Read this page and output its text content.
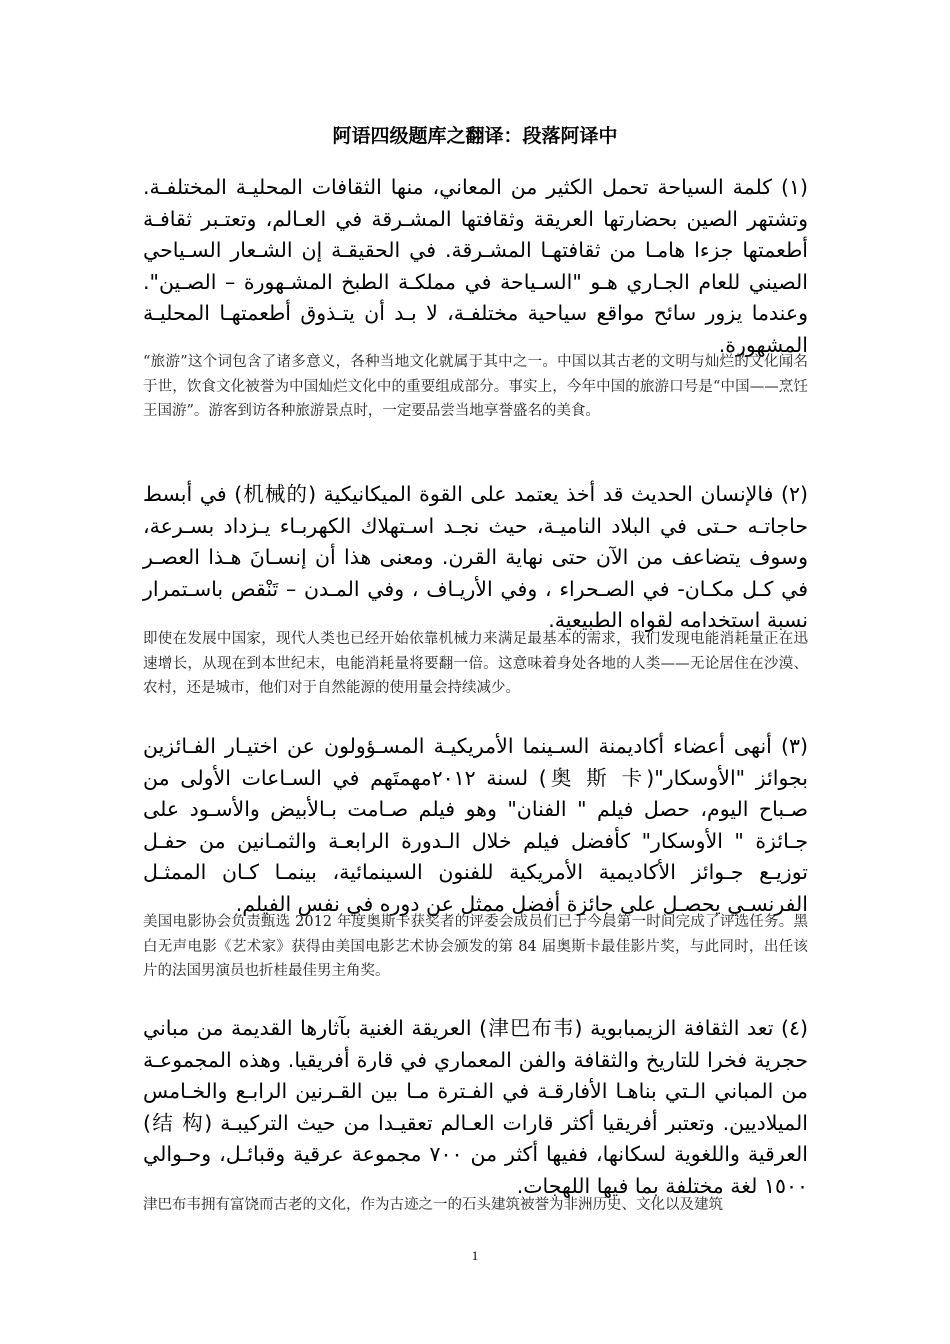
阿语四级题库之翻译：段落阿译中
(١) كلمة السياحة تحمل الكثير من المعاني، منها الثقافات المحليـة المختلفـة. وتشتهر الصين بحضارتها العريقة وثقافتها المشـرقة في العـالم، وتعتـبر ثقافـة أطعمتها جزءا هامـا من ثقافتهـا المشـرقة. في الحقيقـة إن الشـعار السـياحي الصيني للعام الجـاري هـو "السـياحة في مملكـة الطبخ المشـهورة – الصـين". وعندما يزور سائح مواقع سياحية مختلفـة، لا بـد أن يتـذوق أطعمتهـا المحليـة المشهورة.
“旅游”这个词包含了诸多意义，各种当地文化就属于其中之一。中国以其古老的文明与灿烂的文化闻名于世，饮食文化被誉为中国灿烂文化中的重要组成部分。事实上，今年中国的旅游口号是“中国——烹饪王国游”。游客到访各种旅游景点时，一定要品尝当地享誉盛名的美食。
(٢) فالإنسان الحديث قد أخذ يعتمد على القوة الميكانيكية (机械的) في أبسط حاجاتـه حـتى في البلاد الناميـة، حيث نجـد اسـتهلاك الكهربـاء يـزداد بسـرعة، وسوف يتضاعف من الآن حتى نهاية القرن. ومعنى هذا أن إنسـانَ هـذا العصـر في كـل مكـان- في الصـحراء ، وفي الأريـاف ، وفي المـدن – تَنْقص باسـتمرار نسبة استخدامه لقواه الطبيعية.
即使在发展中国家，现代人类也已经开始依靠机械力来满足最基本的需求，我们发现电能消耗量正在迅速增长，从现在到本世纪末，电能消耗量将要翻一倍。这意味着身处各地的人类——无论居住在沙漠、农村，还是城市，他们对于自然能源的使用量会持续减少。
(٣) أنهى أعضاء أكاديمنة السـينما الأمريكيـة المسـؤولون عن اختيـار الفـائزين بجوائز "الأوسكار"(奥 斯 卡) لسنة ٢٠١٢مهمتَهم في السـاعات الأولى من صـباح اليوم، حصل فيلم " الفنان" وهو فيلم صـامت بـالأبيض والأسـود على جـائزة " الأوسكار" كأفضل فيلم خلال الـدورة الرابعـة والثمـانين من حفـل توزيـع جـوائز الأكاديمية الأمريكية للفنون السينمائية، بينمـا كـان الممثـل الفرنسـي يحصـل على جائزة أفضل ممثل عن دوره في نفس الفيلم.
美国电影协会负责甄选 2012 年度奥斯卡获奖者的评委会成员们已于今晨第一时间完成了评选任务。黑白无声电影《艺术家》获得由美国电影艺术协会颁发的第 84 届奥斯卡最佳影片奖，与此同时，出任该片的法国男演员也折桂最佳男主角奖。
(٤) تعد الثقافة الزيمبابوية (津巴布韦) العريقة الغنية بآثارها القديمة من مباني حجرية فخرا للتاريخ والثقافة والفن المعماري في قارة أفريقيا. وهذه المجموعـة من المباني الـتي بناهـا الأفارقـة في الفـترة مـا بين القـرنين الرابـع والخـامس الميلاديين. وتعتبر أفريقيا أكثر قارات العـالم تعقيـدا من حيث التركيبـة (结 构) العرقية واللغوية لسكانها، ففيها أكثر من ٧٠٠ مجموعة عرقية وقبائـل، وحـوالي ١٥٠٠ لغة مختلفة بما فيها اللهجات.
津巴布韦拥有富饶而古老的文化，作为古迹之一的石头建筑被誉为非洲历史、文化以及建筑
1
